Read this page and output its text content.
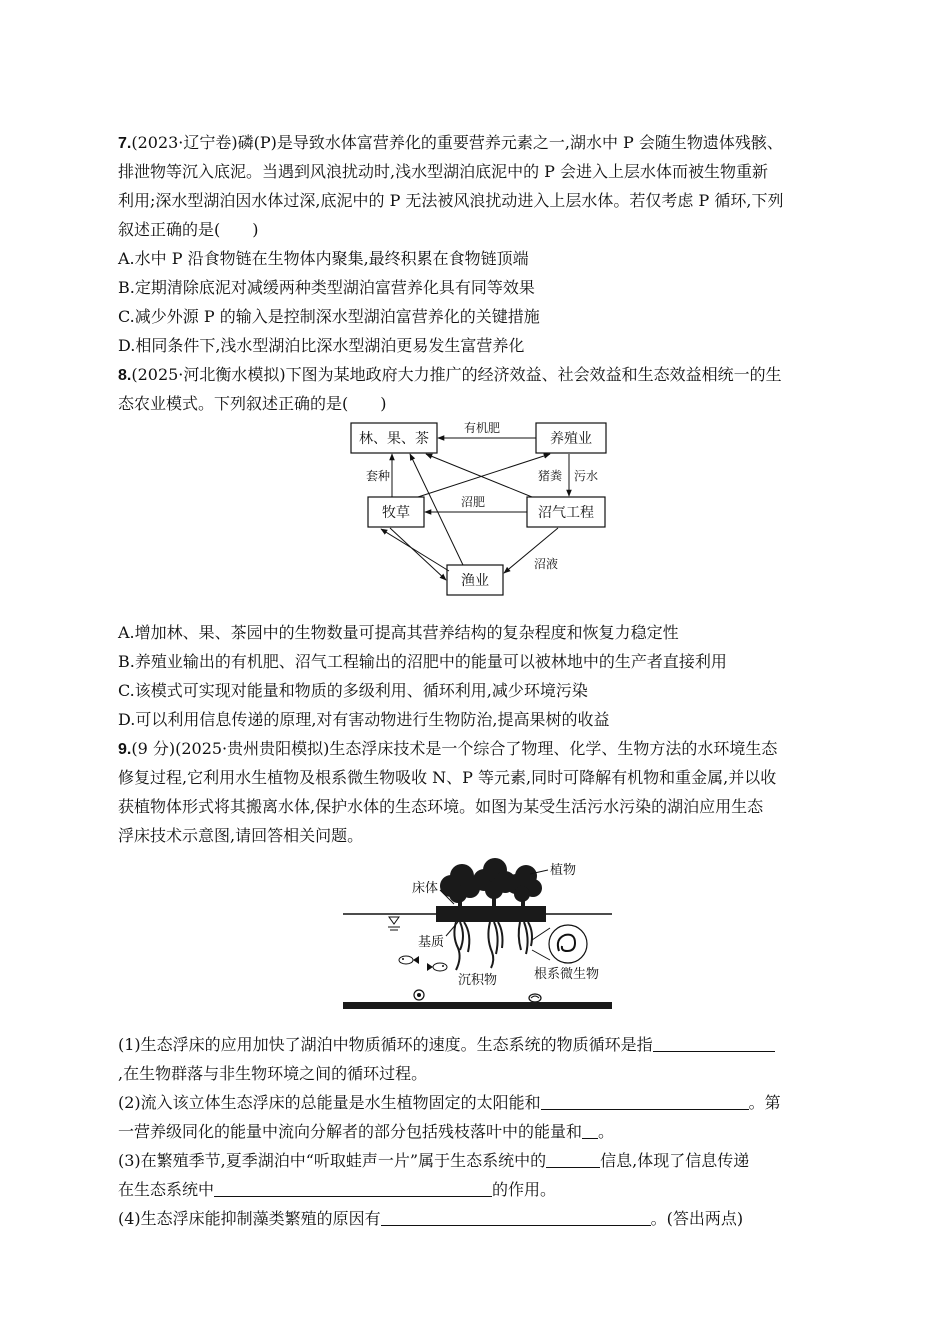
7.(2023·辽宁卷)磷(P)是导致水体富营养化的重要营养元素之一,湖水中 P 会随生物遗体残骸、
排泄物等沉入底泥。当遇到风浪扰动时,浅水型湖泊底泥中的 P 会进入上层水体而被生物重新
利用;深水型湖泊因水体过深,底泥中的 P 无法被风浪扰动进入上层水体。若仅考虑 P 循环,下列
叙述正确的是(　　)
A.水中 P 沿食物链在生物体内聚集,最终积累在食物链顶端
B.定期清除底泥对减缓两种类型湖泊富营养化具有同等效果
C.减少外源 P 的输入是控制深水型湖泊富营养化的关键措施
D.相同条件下,浅水型湖泊比深水型湖泊更易发生富营养化
8.(2025·河北衡水模拟)下图为某地政府大力推广的经济效益、社会效益和生态效益相统一的生
态农业模式。下列叙述正确的是(　　)
林、果、茶	养殖业
牧草	沼气工程
渔业
有机肥
套种	猪粪 污水
沼肥
沼液
A.增加林、果、茶园中的生物数量可提高其营养结构的复杂程度和恢复力稳定性
B.养殖业输出的有机肥、沼气工程输出的沼肥中的能量可以被林地中的生产者直接利用
C.该模式可实现对能量和物质的多级利用、循环利用,减少环境污染
D.可以利用信息传递的原理,对有害动物进行生物防治,提高果树的收益
9.(9 分)(2025·贵州贵阳模拟)生态浮床技术是一个综合了物理、化学、生物方法的水环境生态
修复过程,它利用水生植物及根系微生物吸收 N、P 等元素,同时可降解有机物和重金属,并以收
获植物体形式将其搬离水体,保护水体的生态环境。如图为某受生活污水污染的湖泊应用生态
浮床技术示意图,请回答相关问题。
床体
植物
基质
根系微生物
沉积物
(1)生态浮床的应用加快了湖泊中物质循环的速度。生态系统的物质循环是指
,在生物群落与非生物环境之间的循环过程。
(2)流入该立体生态浮床的总能量是水生植物固定的太阳能和	。第
一营养级同化的能量中流向分解者的部分包括残枝落叶中的能量和 。
(3)在繁殖季节,夏季湖泊中“听取蛙声一片”属于生态系统中的	信息,体现了信息传递
在生态系统中	的作用。
(4)生态浮床能抑制藻类繁殖的原因有	。(答出两点)
